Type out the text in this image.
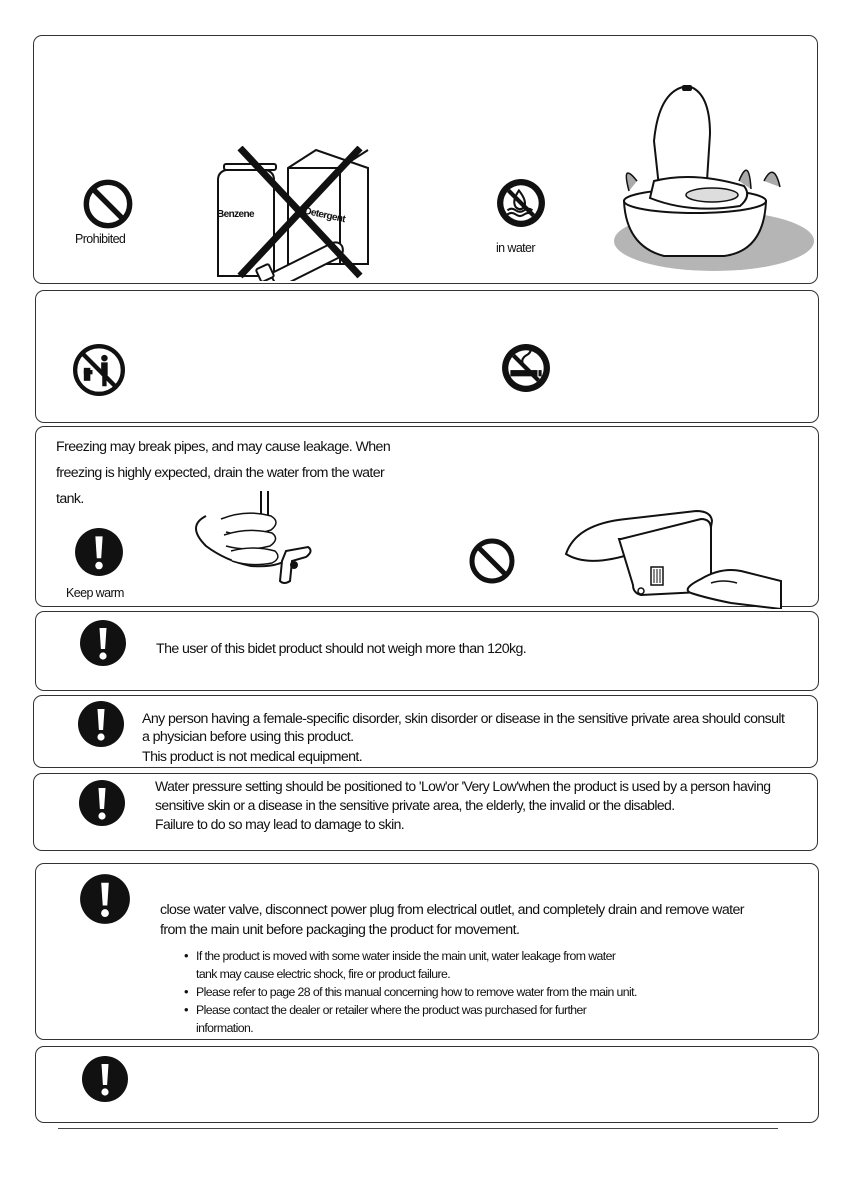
Prohibited
Benzene	Detergent
in water
Freezing may break pipes, and may cause leakage. When
freezing is highly expected, drain the water from the water
tank.
Keep warm
The user of this bidet product should not weigh more than 120kg.
Any person having a female-specific disorder, skin disorder or disease in the sensitive private area should consult
a physician before using this product.
This product is not medical equipment.
Water pressure setting should be positioned to 'Low'or 'Very Low'when the product is used by a person having
sensitive skin or a disease in the sensitive private area, the elderly, the invalid or the disabled.
Failure to do so may lead to damage to skin.
close water valve, disconnect power plug from electrical outlet, and completely drain and remove water
from the main unit before packaging the product for movement.
• If the product is moved with some water inside the main unit, water leakage from water
tank may cause electric shock, fire or product failure.
• Please refer to page 28 of this manual concerning how to remove water from the main unit.
• Please contact the dealer or retailer where the product was purchased for further
information.
